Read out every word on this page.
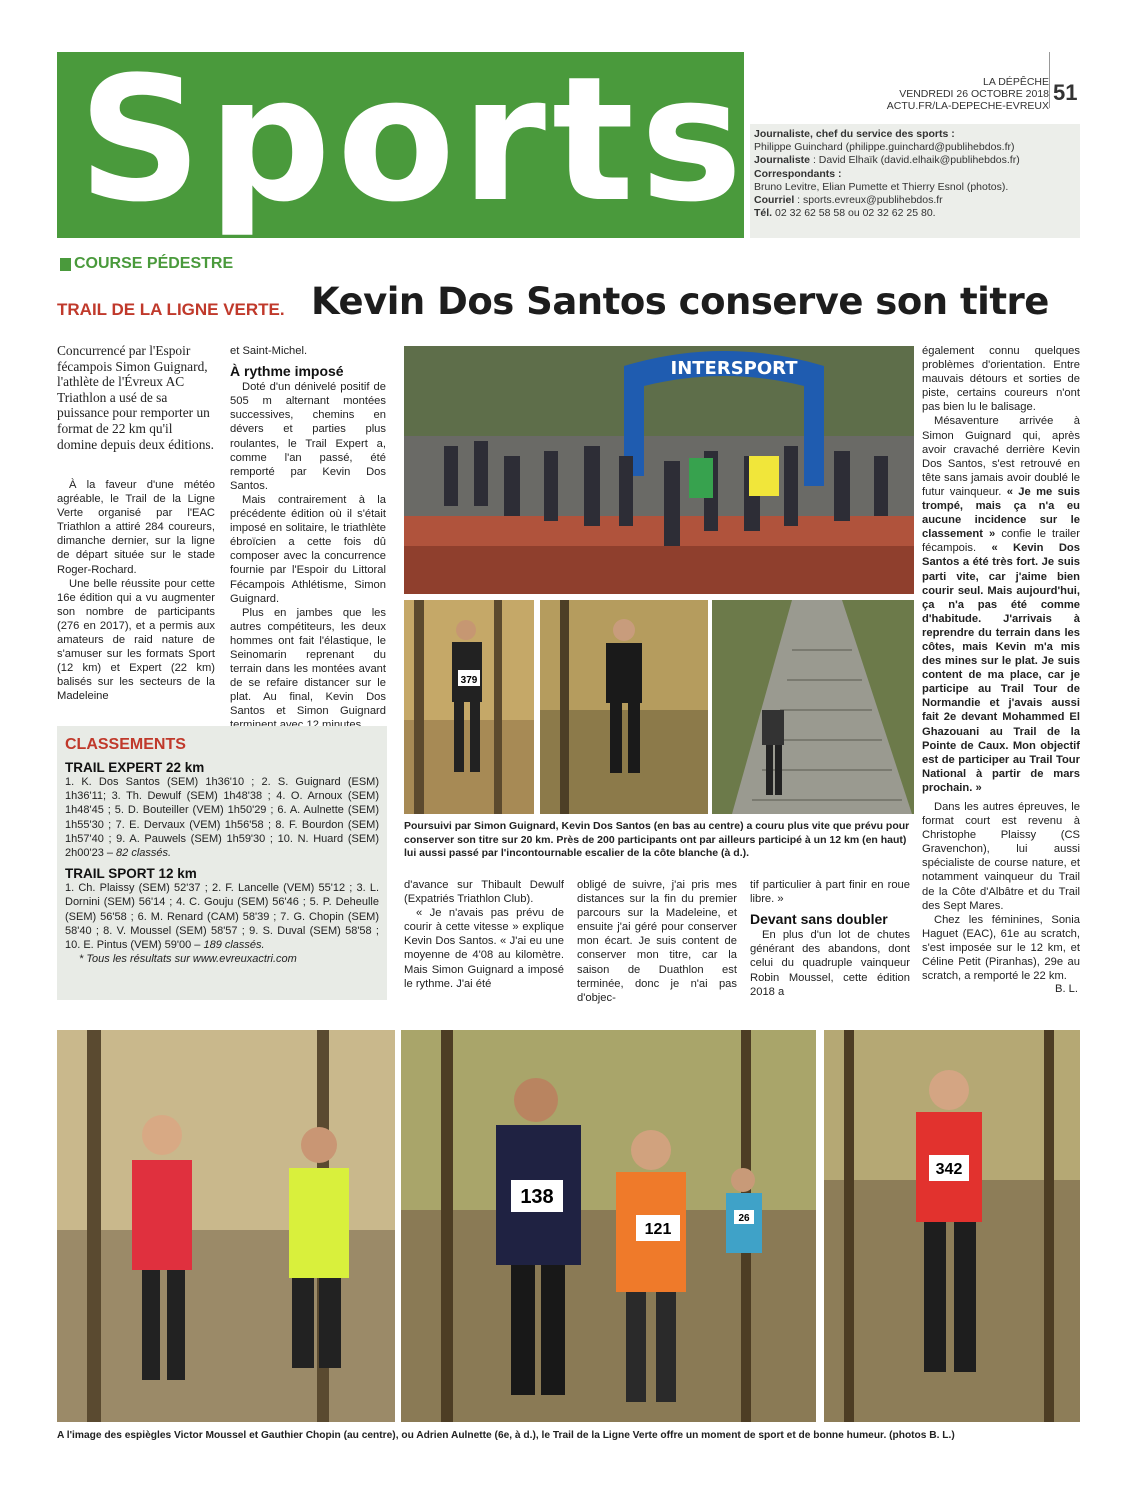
Sports	LA DÉPÊCHE
VENDREDI 26 OCTOBRE 2018
ACTU.FR/LA-DEPECHE-EVREUX
51
Journaliste, chef du service des sports :
Philippe Guinchard (philippe.guinchard@publihebdos.fr)
Journaliste : David Elhaïk (david.elhaik@publihebdos.fr)
Correspondants :
Bruno Levitre, Elian Pumette et Thierry Esnol (photos).
Courriel : sports.evreux@publihebdos.fr
Tél. 02 32 62 58 58 ou 02 32 62 25 80.
COURSE PÉDESTRE
TRAIL DE LA LIGNE VERTE. Kevin Dos Santos conserve son titre
Concurrencé par l'Espoir fécampois Simon Guignard, l'athlète de l'Évreux AC Triathlon a usé de sa puissance pour remporter un format de 22 km qu'il domine depuis deux éditions.

À la faveur d'une météo agréable, le Trail de la Ligne Verte organisé par l'EAC Triathlon a attiré 284 coureurs, dimanche dernier, sur la ligne de départ située sur le stade Roger-Rochard.

Une belle réussite pour cette 16e édition qui a vu augmenter son nombre de participants (276 en 2017), et a permis aux amateurs de raid nature de s'amuser sur les formats Sport (12 km) et Expert (22 km) balisés sur les secteurs de la Madeleine

et Saint-Michel.

À rythme imposé

Doté d'un dénivelé positif de 505 m alternant montées successives, chemins en dévers et parties plus roulantes, le Trail Expert a, comme l'an passé, été remporté par Kevin Dos Santos.

Mais contrairement à la précédente édition où il s'était imposé en solitaire, le triathlète ébroïcien a cette fois dû composer avec la concurrence fournie par l'Espoir du Littoral Fécampois Athlétisme, Simon Guignard.

Plus en jambes que les autres compétiteurs, les deux hommes ont fait l'élastique, le Seinomarin reprenant du terrain dans les montées avant de se refaire distancer sur le plat. Au final, Kevin Dos Santos et Simon Guignard

également connu quelques problèmes d'orientation. Entre mauvais détours et sorties de piste, certains coureurs n'ont pas bien lu le balisage.

Mésaventure arrivée à Simon Guignard qui, après avoir cravaché derrière Kevin Dos Santos, s'est retrouvé en tête sans jamais avoir doublé le futur vainqueur. « Je me suis trompé, mais ça n'a eu aucune incidence sur le classement » confie le trailer fécampois. « Kevin Dos Santos a été très fort. Je suis parti vite, car j'aime bien courir seul. Mais aujourd'hui, ça n'a pas été comme d'habitude. J'arrivais à reprendre du terrain dans les côtes, mais Kevin m'a mis des mines sur le plat. Je suis content de ma place, car je participe au Trail Tour de Normandie et j'avais aussi fait 2e devant Mohammed El Ghazouani au Trail de la Pointe de Caux. Mon objectif est de participer au Trail Tour National à partir de mars prochain. »

Dans les autres épreuves, le format court est revenu à Christophe Plaissy (CS Gravenchon), lui aussi spécialiste de course nature, et notamment vainqueur du Trail de la Côte d'Albâtre et du Trail des Sept Mares.

Chez les féminines, Sonia Haguet (EAC), 61e au scratch, s'est imposée sur le 12 km, et Céline Petit (Piranhas), 29e au scratch, a remporté le 22 km.

B. L.

d'avance sur Thibault Dewulf (Expatriés Triathlon Club).

« Je n'avais pas prévu de courir à cette vitesse » explique Kevin Dos Santos. « J'ai eu une moyenne de 4'08 au kilomètre. Mais Simon Guignard a imposé le rythme. J'ai été

obligé de suivre, j'ai pris mes distances sur la fin du premier parcours sur la Madeleine, et ensuite j'ai géré pour conserver mon écart. Je suis content de conserver mon titre, car la saison de Duathlon est terminée, donc je n'ai pas d'objec-

tif particulier à part finir en roue libre. »

Devant sans doubler

En plus d'un lot de chutes générant des abandons, dont celui du quadruple vainqueur Robin Moussel, cette édition 2018 a

CLASSEMENTS
TRAIL EXPERT 22 km
1. K. Dos Santos (SEM) 1h36'10 ; 2. S. Guignard (ESM) 1h36'11; 3. Th. Dewulf (SEM) 1h48'38 ; 4. O. Arnoux (SEM) 1h48'45 ; 5. D. Bouteiller (VEM) 1h50'29 ; 6. A. Aulnette (SEM) 1h55'30 ; 7. E. Dervaux (VEM) 1h56'58 ; 8. F. Bourdon (SEM) 1h57'40 ; 9. A. Pauwels (SEM) 1h59'30 ; 10. N. Huard (SEM) 2h00'23 – 82 classés.
TRAIL SPORT 12 km
1. Ch. Plaissy (SEM) 52'37 ; 2. F. Lancelle (VEM) 55'12 ; 3. L. Dornini (SEM) 56'14 ; 4. C. Gouju (SEM) 56'46 ; 5. P. Deheulle (SEM) 56'58 ; 6. M. Renard (CAM) 58'39 ; 7. G. Chopin (SEM) 58'40 ; 8. V. Moussel (SEM) 58'57 ; 9. S. Duval (SEM) 58'58 ; 10. E. Pintus (VEM) 59'00 – 189 classés.
* Tous les résultats sur www.evreuxactri.com
INTERSPORT
379
Poursuivi par Simon Guignard, Kevin Dos Santos (en bas au centre) a couru plus vite que prévu pour conserver son titre sur 20 km. Près de 200 participants ont par ailleurs participé à un 12 km (en haut) lui aussi passé par l'incontournable escalier de la côte blanche (à d.).
138
121
26
342
A l'image des espiègles Victor Moussel et Gauthier Chopin (au centre), ou Adrien Aulnette (6e, à d.), le Trail de la Ligne Verte offre un moment de sport et de bonne humeur. (photos B. L.)
